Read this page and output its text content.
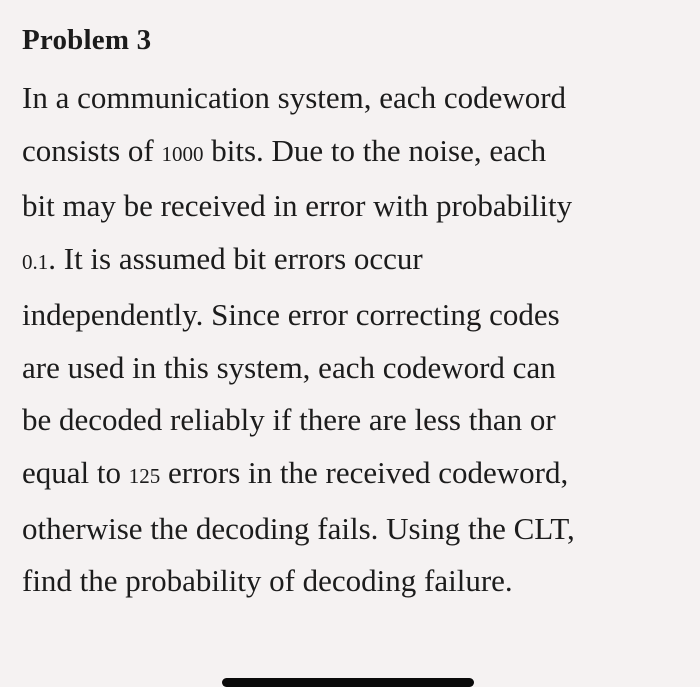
Problem 3
In a communication system, each codeword
consists of 1000 bits. Due to the noise, each
bit may be received in error with probability
0.1. It is assumed bit errors occur
independently. Since error correcting codes
are used in this system, each codeword can
be decoded reliably if there are less than or
equal to 125 errors in the received codeword,
otherwise the decoding fails. Using the CLT,
find the probability of decoding failure.
